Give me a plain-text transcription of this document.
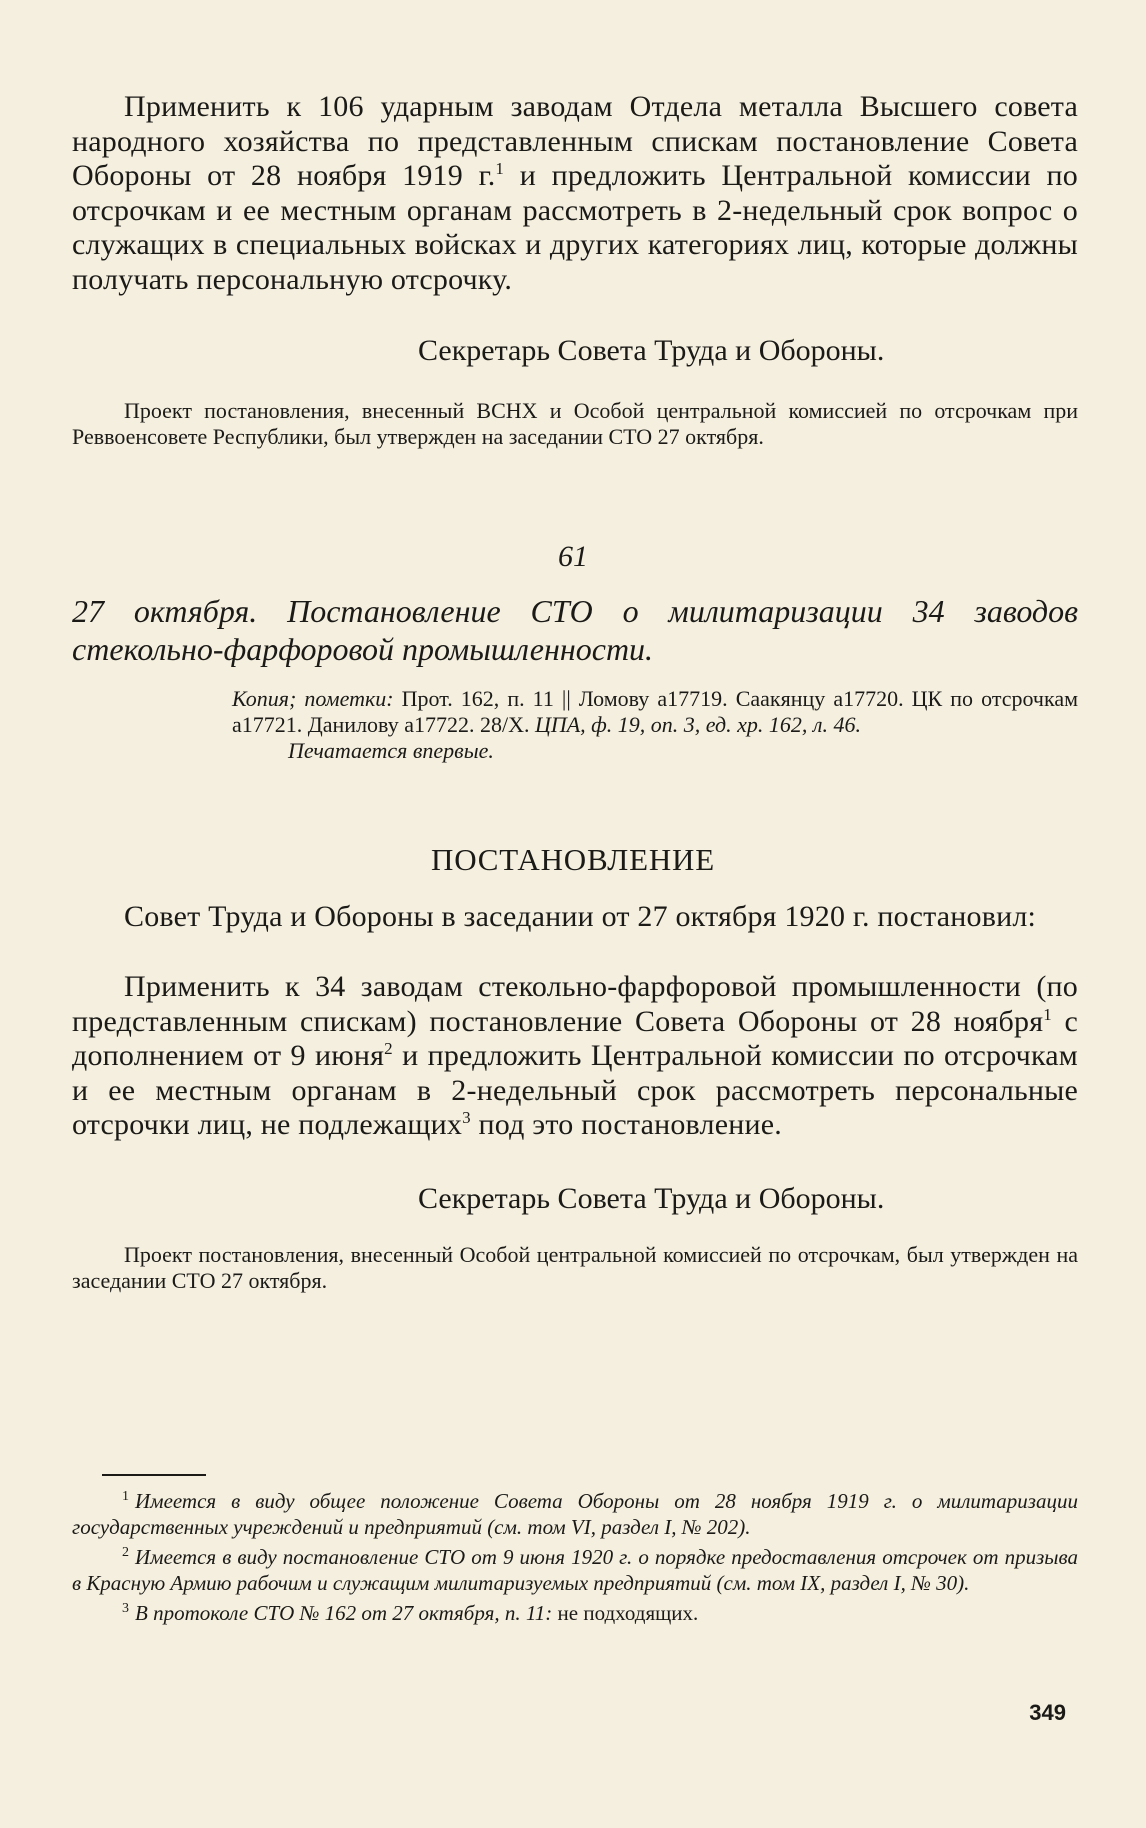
Применить к 106 ударным заводам Отдела металла Высшего совета народного хозяйства по представленным спискам постановление Совета Обороны от 28 ноября 1919 г.$^1$ и предложить Центральной комиссии по отсрочкам и ее местным органам рассмотреть в 2-недельный срок вопрос о служащих в специальных войсках и других категориях лиц, которые должны получать персональную отсрочку.
Секретарь Совета Труда и Обороны.
Проект постановления, внесенный ВСНХ и Особой центральной комиссией по отсрочкам при Реввоенсовете Республики, был утвержден на заседании СТО 27 октября.
61
27 октября. Постановление СТО о милитаризации 34 заводов стекольно-фарфоровой промышленности.
Копия; пометки: Прот. 162, п. 11 || Ломову а17719. Саакянцу а17720. ЦК по отсрочкам а17721. Данилову а17722. 28/X. ЦПА, ф. 19, оп. 3, ед. хр. 162, л. 46.
Печатается впервые.
ПОСТАНОВЛЕНИЕ
Совет Труда и Обороны в заседании от 27 октября 1920 г. постановил:
Применить к 34 заводам стекольно-фарфоровой промышленности (по представленным спискам) постановление Совета Обороны от 28 ноября$^1$ с дополнением от 9 июня$^2$ и предложить Центральной комиссии по отсрочкам и ее местным органам в 2-недельный срок рассмотреть персональные отсрочки лиц, не подлежащих$^3$ под это постановление.
Секретарь Совета Труда и Обороны.
Проект постановления, внесенный Особой центральной комиссией по отсрочкам, был утвержден на заседании СТО 27 октября.

$^1$ Имеется в виду общее положение Совета Обороны от 28 ноября 1919 г. о милитаризации государственных учреждений и предприятий (см. том VI, раздел I, № 202).

$^2$ Имеется в виду постановление СТО от 9 июня 1920 г. о порядке предоставления отсрочек от призыва в Красную Армию рабочим и служащим милитаризуемых предприятий (см. том IX, раздел I, № 30).

$^3$ В протоколе СТО № 162 от 27 октября, п. 11: не подходящих.

349
